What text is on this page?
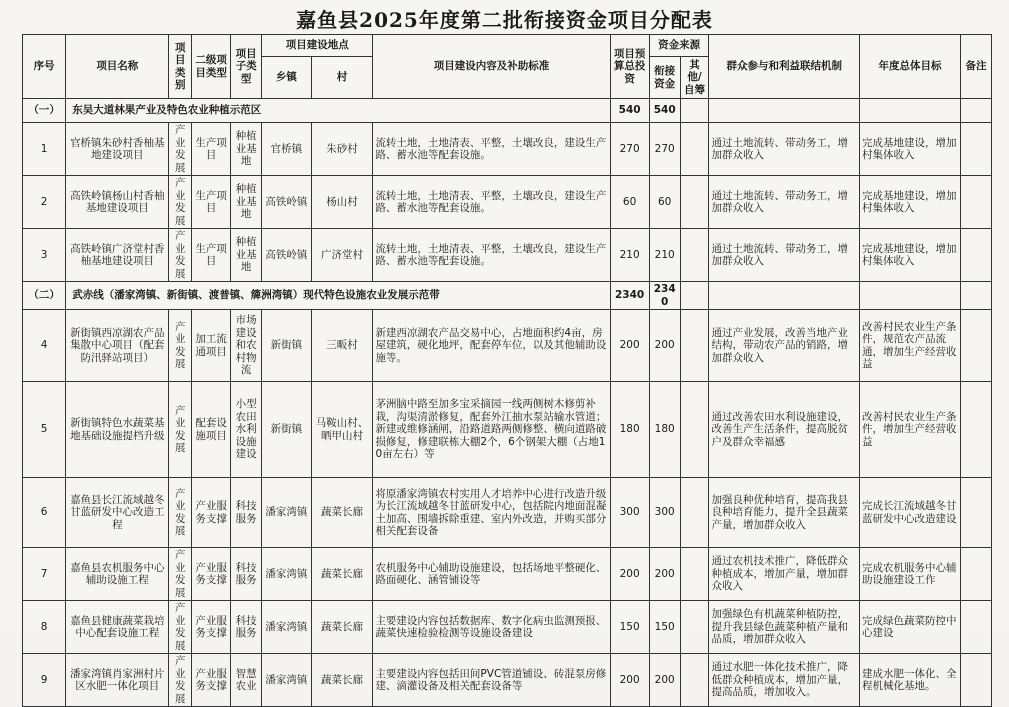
嘉鱼县2025年度第二批衔接资金项目分配表
序号	项目名称	项目类别	二级项目类型	项目子类型	项目建设地点		项目建设内容及补助标准	项目预算总投资	资金来源		群众参与和利益联结机制	年度总体目标	备注
					乡镇	村			衔接资金	其他/自筹			
（一）	东吴大道林果产业及特色农业种植示范区							540	540				
1	官桥镇朱砂村香柚基地建设项目	产业发展	生产项目	种植业基地	官桥镇	朱砂村	流转土地，土地清表、平整，土壤改良，建设生产路、蓄水池等配套设施。	270	270		通过土地流转、带动务工，增加群众收入	完成基地建设，增加村集体收入	
2	高铁岭镇杨山村香柚基地建设项目	产业发展	生产项目	种植业基地	高铁岭镇	杨山村	流转土地，土地清表、平整，土壤改良，建设生产路、蓄水池等配套设施。	60	60		通过土地流转、带动务工，增加群众收入	完成基地建设，增加村集体收入	
3	高铁岭镇广济堂村香柚基地建设项目	产业发展	生产项目	种植业基地	高铁岭镇	广济堂村	流转土地，土地清表、平整，土壤改良，建设生产路、蓄水池等配套设施。	210	210		通过土地流转、带动务工，增加群众收入	完成基地建设，增加村集体收入	
（二）	武赤线（潘家湾镇、新街镇、渡普镇、簰洲湾镇）现代特色设施农业发展示范带							2340	2340				
4	新街镇西凉湖农产品集散中心项目（配套防汛驿站项目）	产业发展	加工流通项目	市场建设和农村物流	新街镇	三畈村	新建西凉湖农产品交易中心，占地面积约4亩，房屋建筑，硬化地坪，配套停车位，以及其他辅助设施等。	200	200		通过产业发展，改善当地产业结构，带动农产品的销路，增加群众收入	改善村民农业生产条件，规范农产品流通，增加生产经营收益	
5	新街镇特色水蔬菜基地基础设施提档升级	产业发展	配套设施项目	小型农田水利设施建设	新街镇	马鞍山村、晒甲山村	茅洲脑中路至加多宝采摘园一线两侧树木修剪补栽，沟渠清淤修复，配套外江抽水泵站输水管道；新建或维修涵闸，沿路道路两侧修整、横向道路破损修复，修建联栋大棚2个，6个钢架大棚（占地10亩左右）等	180	180		通过改善农田水利设施建设，改善生产生活条件，提高脱贫户及群众幸福感	改善村民农业生产条件，增加生产经营收益	
6	嘉鱼县长江流域越冬甘蓝研发中心改造工程	产业发展	产业服务支撑	科技服务	潘家湾镇	蔬菜长廊	将原潘家湾镇农村实用人才培养中心进行改造升级为长江流域越冬甘蓝研发中心，包括院内地面混凝土加高、围墙拆除重建、室内外改造，并购买部分相关配套设备	300	300		加强良种优种培育，提高我县良种培育能力，提升全县蔬菜产量，增加群众收入	完成长江流域越冬甘蓝研发中心改造建设	
7	嘉鱼县农机服务中心辅助设施工程	产业发展	产业服务支撑	科技服务	潘家湾镇	蔬菜长廊	农机服务中心辅助设施建设，包括场地平整硬化、路面硬化、涵管铺设等	200	200		通过农机技术推广，降低群众种植成本，增加产量，增加群众收入	完成农机服务中心辅助设施建设工作	
8	嘉鱼县健康蔬菜栽培中心配套设施工程	产业发展	产业服务支撑	科技服务	潘家湾镇	蔬菜长廊	主要建设内容包括数据库、数字化病虫监测预报、蔬菜快速检验检测等设施设备建设	150	150		加强绿色有机蔬菜种植防控，提升我县绿色蔬菜种植产量和品质，增加群众收入	完成绿色蔬菜防控中心建设	
9	潘家湾镇肖家洲村片区水肥一体化项目	产业发展	产业服务支撑	智慧农业	潘家湾镇	蔬菜长廊	主要建设内容包括田间PVC管道铺设、砖混泵房修建、滴灌设备及相关配套设备等	200	200		通过水肥一体化技术推广，降低群众种植成本，增加产量，提高品质，增加收入。	建成水肥一体化、全程机械化基地。	
